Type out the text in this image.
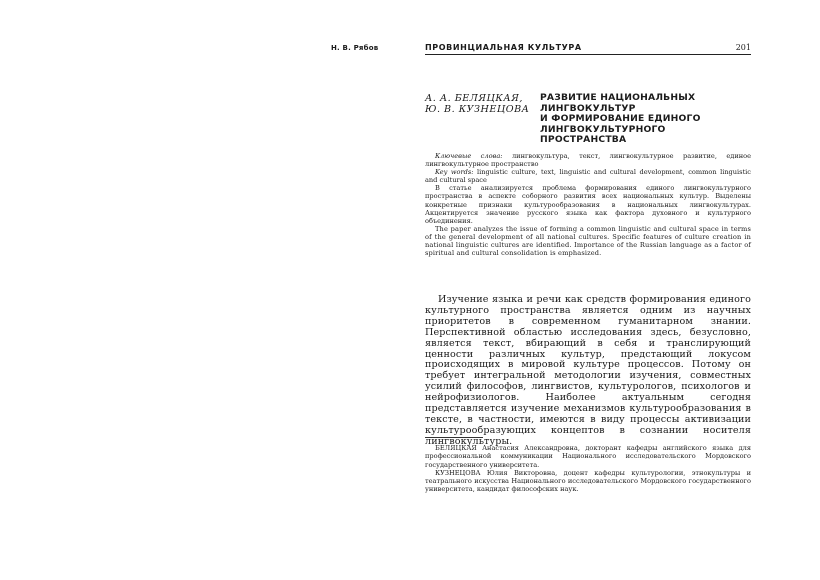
Н. В. Рябов	ПРОВИНЦИАЛЬНАЯ КУЛЬТУРА	201
А. А. БЕЛЯЦКАЯ,
Ю. В. КУЗНЕЦОВА
РАЗВИТИЕ НАЦИОНАЛЬНЫХ
ЛИНГВОКУЛЬТУР
И ФОРМИРОВАНИЕ ЕДИНОГО
ЛИНГВОКУЛЬТУРНОГО
ПРОСТРАНСТВА

Ключевые слова: лингвокультура, текст, лингвокультурное развитие, единое лингвокультурное пространство

Key words: linguistic culture, text, linguistic and cultural development, common linguistic and cultural space

В статье анализируется проблема формирования единого лингвокультурного пространства в аспекте соборного развития всех национальных культур. Выделены конкретные признаки культурообразования в национальных лингвокультурах. Акцентируется значение русского языка как фактора духовного и культурного объединения.

The paper analyzes the issue of forming a common linguistic and cultural space in terms of the general development of all national cultures. Specific features of culture creation in national linguistic cultures are identified. Importance of the Russian language as a factor of spiritual and cultural consolidation is emphasized.

Изучение языка и речи как средств формирования единого культурного пространства является одним из научных приоритетов в современном гуманитарном знании. Перспективной областью исследования здесь, безусловно, является текст, вбирающий в себя и транслирующий ценности различных культур, предстающий локусом происходящих в мировой культуре процессов. Потому он требует интегральной методологии изучения, совместных усилий философов, лингвистов, культурологов, психологов и нейрофизиологов. Наиболее актуальным сегодня представляется изучение механизмов культурообразования в тексте, в частности, имеются в виду процессы активизации культурообразующих концептов в сознании носителя лингвокультуры.

БЕЛЯЦКАЯ Анастасия Александровна, докторант кафедры английского языка для профессиональной коммуникации Национального исследовательского Мордовского государственного университета.

КУЗНЕЦОВА Юлия Викторовна, доцент кафедры культурологии, этнокультуры и театрального искусства Национального исследовательского Мордовского государственного университета, кандидат философских наук.
